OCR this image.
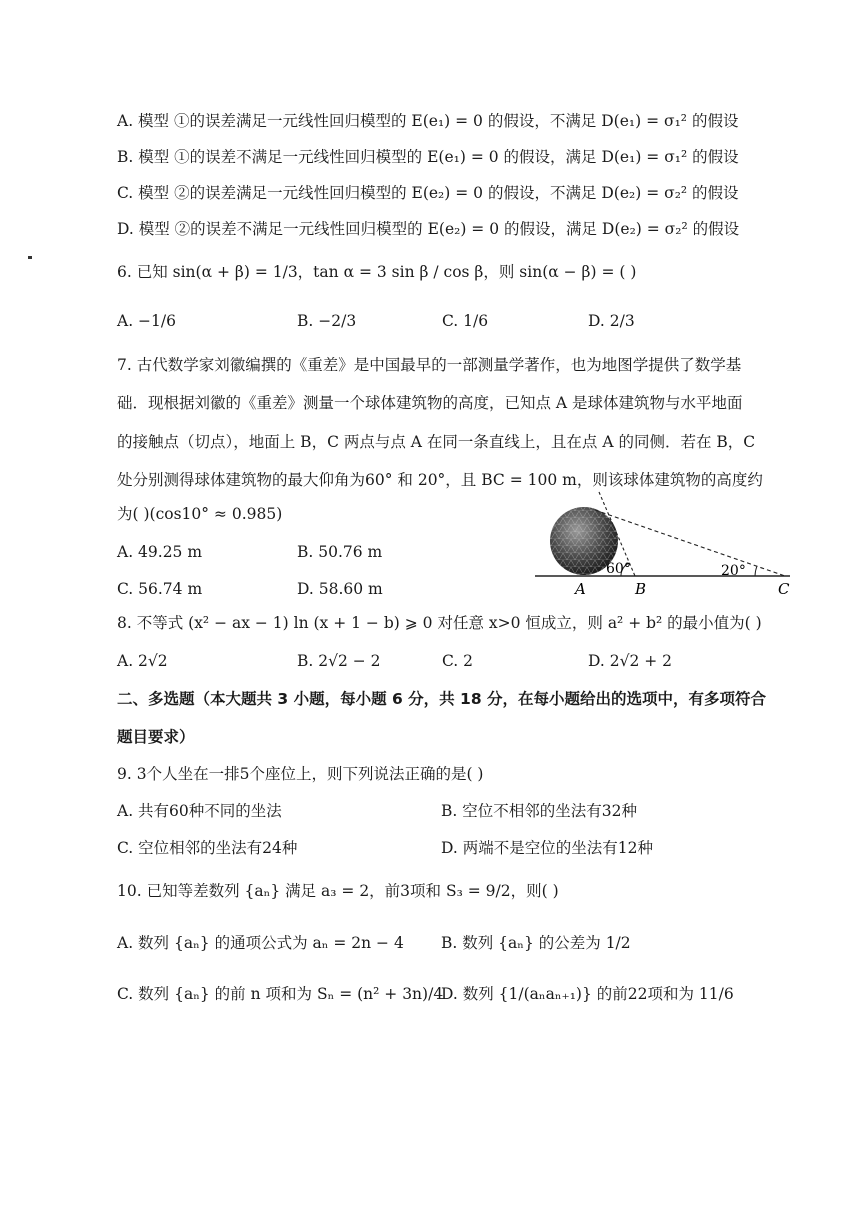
A. 模型 ①的误差满足一元线性回归模型的 E(e₁) = 0 的假设，不满足 D(e₁) = σ₁² 的假设
B. 模型 ①的误差不满足一元线性回归模型的 E(e₁) = 0 的假设，满足 D(e₁) = σ₁² 的假设
C. 模型 ②的误差满足一元线性回归模型的 E(e₂) = 0 的假设，不满足 D(e₂) = σ₂² 的假设
D. 模型 ②的误差不满足一元线性回归模型的 E(e₂) = 0 的假设，满足 D(e₂) = σ₂² 的假设
6. 已知 sin(α + β) = 1/3，tan α = 3 sin β / cos β，则 sin(α − β) = ( )
A. −1/6	B. −2/3	C. 1/6	D. 2/3
7. 古代数学家刘徽编撰的《重差》是中国最早的一部测量学著作，也为地图学提供了数学基
础．现根据刘徽的《重差》测量一个球体建筑物的高度，已知点 A 是球体建筑物与水平地面
的接触点（切点），地面上 B，C 两点与点 A 在同一条直线上，且在点 A 的同侧．若在 B，C
处分别测得球体建筑物的最大仰角为60° 和 20°，且 BC = 100 m，则该球体建筑物的高度约
为( )(cos10° ≈ 0.985)
A. 49.25 m	B. 50.76 m
C. 56.74 m	D. 58.60 m	A	B	C
60°	20°
8. 不等式 (x² − ax − 1) ln (x + 1 − b) ⩾ 0 对任意 x>0 恒成立，则 a² + b² 的最小值为( )
A. 2√2	B. 2√2 − 2	C. 2	D. 2√2 + 2
二、多选题（本大题共 3 小题，每小题 6 分，共 18 分，在每小题给出的选项中，有多项符合
题目要求）
9. 3个人坐在一排5个座位上，则下列说法正确的是( )
A. 共有60种不同的坐法	B. 空位不相邻的坐法有32种
C. 空位相邻的坐法有24种	D. 两端不是空位的坐法有12种
10. 已知等差数列 {aₙ} 满足 a₃ = 2，前3项和 S₃ = 9/2，则( )
A. 数列 {aₙ} 的通项公式为 aₙ = 2n − 4 B. 数列 {aₙ} 的公差为 1/2
C. 数列 {aₙ} 的前 n 项和为 Sₙ = (n² + 3n)/4
D. 数列 {1/(aₙaₙ₊₁)} 的前22项和为 11/6
